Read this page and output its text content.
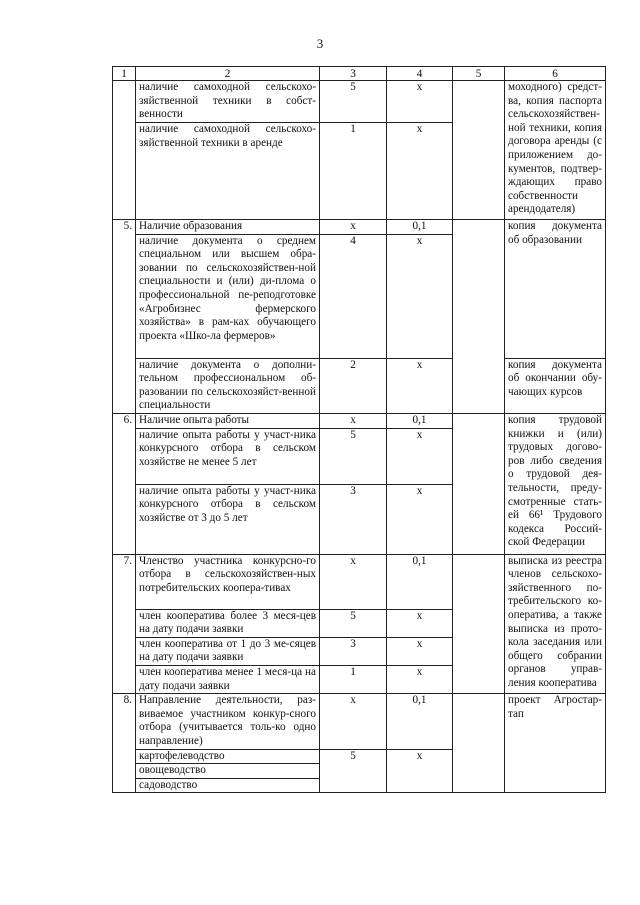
3
1	2	3	4	5	6
	наличие самоходной сельскохо-зяйственной техники в собст-венности	5	x		моходного) средст-ва, копия паспорта сельскохозяйствен-ной техники, копия договора аренды (с приложением до-кументов, подтвер-ждающих право собственности арендодателя)
	наличие самоходной сельскохо-зяйственной техники в аренде	1	x		
5.	Наличие образования	x	0,1		копия документа об образовании
	наличие документа о среднем специальном или высшем обра-зовании по сельскохозяйствен-ной специальности и (или) ди-плома о профессиональной пе-реподготовке «Агробизнес фермерского хозяйства» в рам-ках обучающего проекта «Шко-ла фермеров»	4	x		
	наличие документа о дополни-тельном профессиональном об-разовании по сельскохозяйст-венной специальности	2	x		копия документа об окончании обу-чающих курсов
6.	Наличие опыта работы	x	0,1		копия трудовой книжки и (или) трудовых догово-ров либо сведения о трудовой дея-тельности, преду-смотренные стать-ей 66¹ Трудового кодекса Россий-ской Федерации
	наличие опыта работы у участ-ника конкурсного отбора в сельском хозяйстве не менее 5 лет	5	x		
	наличие опыта работы у участ-ника конкурсного отбора в сельском хозяйстве от 3 до 5 лет	3	x		
7.	Членство участника конкурсно-го отбора в сельскохозяйствен-ных потребительских коопера-тивах	x	0,1		выписка из реестра членов сельскохо-зяйственного по-требительского ко-оператива, а также выписка из прото-кола заседания или общего собрании органов управ-ления кооператива
	член кооператива более 3 меся-цев на дату подачи заявки	5	x		
	член кооператива от 1 до 3 ме-сяцев на дату подачи заявки	3	x		
	член кооператива менее 1 меся-ца на дату подачи заявки	1	x		
8.	Направление деятельности, раз-виваемое участником конкур-сного отбора (учитывается толь-ко одно направление)	x	0,1		проект Агростар-тап
	картофелеводство	5	x		
	овощеводство				
	садоводство				
